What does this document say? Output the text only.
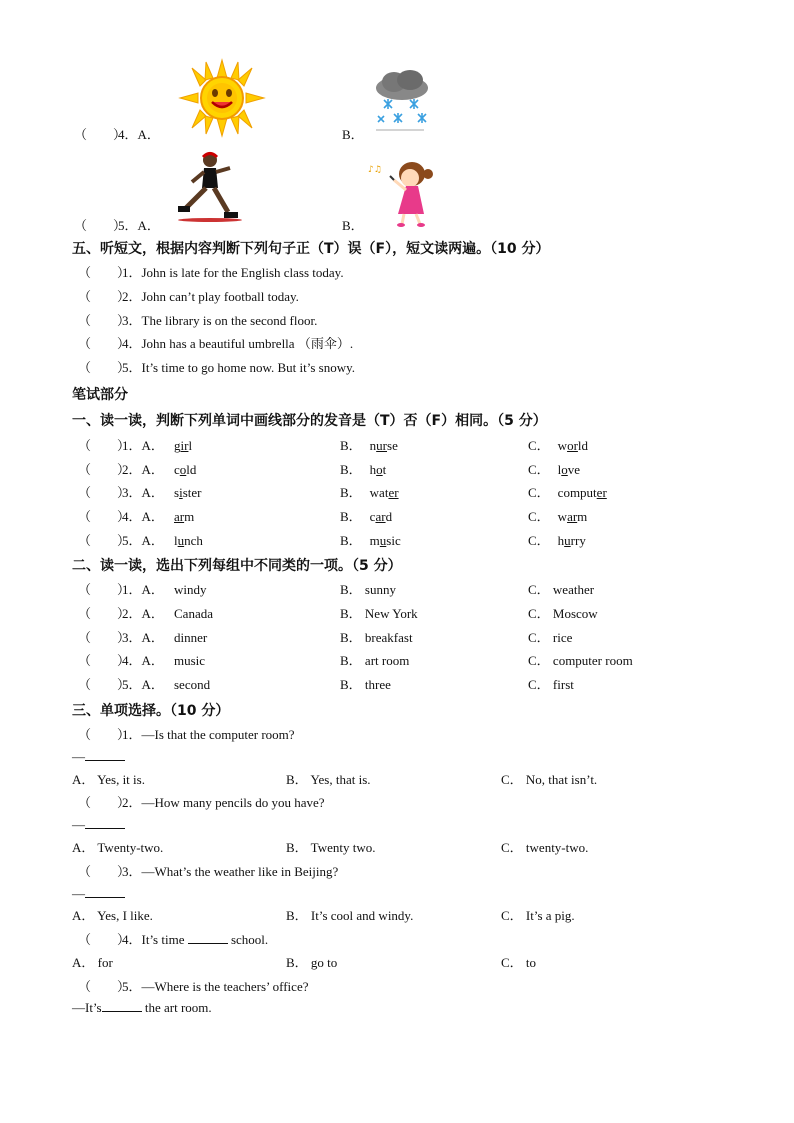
（　　）
4．A．	B．
（　　）
5．A．	B．
♪♫
五、听短文，根据内容判断下列句子正（T）误（F），短文读两遍。（10 分）
（　　）1．John is late for the English class today.
（　　）2．John can’t play football today.
（　　）3．The library is on the second floor.
（　　）4．John has a beautiful umbrella （雨伞）.
（　　）5．It’s time to go home now. But it’s snowy.
笔试部分
一、读一读，判断下列单词中画线部分的发音是（T）否（F）相同。（5 分）
（　　）1．A． girl	B． nurse	C． world
（　　）2．A． cold	B． hot	C． love
（　　）3．A． sister	B． water	C． computer
（　　）4．A． arm	B． card	C． warm
（　　）5．A． lunch	B． music	C． hurry
二、读一读，选出下列每组中不同类的一项。（5 分）
（　　）1．A． windy	B． sunny	C． weather
（　　）2．A． Canada	B． New York	C． Moscow
（　　）3．A． dinner	B． breakfast	C． rice
（　　）4．A． music	B． art room	C． computer room
（　　）5．A． second	B． three	C． first
三、单项选择。（10 分）
（　　）1．—Is that the computer room?
—
A． Yes, it is.	B． Yes, that is.	C． No, that isn’t.
（　　）2．—How many pencils do you have?
—
A． Twenty-two.	B． Twenty two.	C． twenty-two.
（　　）3．—What’s the weather like in Beijing?
—
A． Yes, I like.	B． It’s cool and windy.	C． It’s a pig.
（　　）4．It’s time	school.
A． for	B． go to	C． to
（　　）5．—Where is the teachers’ office?
—It’s	the art room.
